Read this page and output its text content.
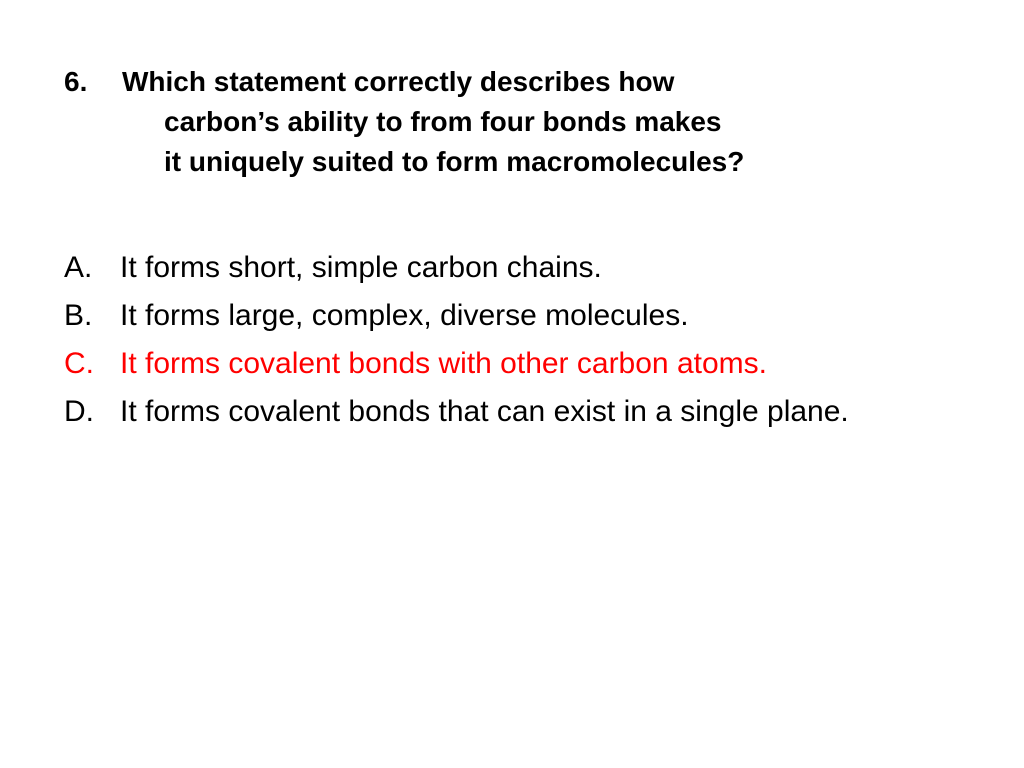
6.	Which statement correctly describes how
carbon’s ability to from four bonds makes
it uniquely suited to form macromolecules?
A. It forms short, simple carbon chains.
B. It forms large, complex, diverse molecules.
C. It forms covalent bonds with other carbon atoms.
D. It forms covalent bonds that can exist in a single plane.
